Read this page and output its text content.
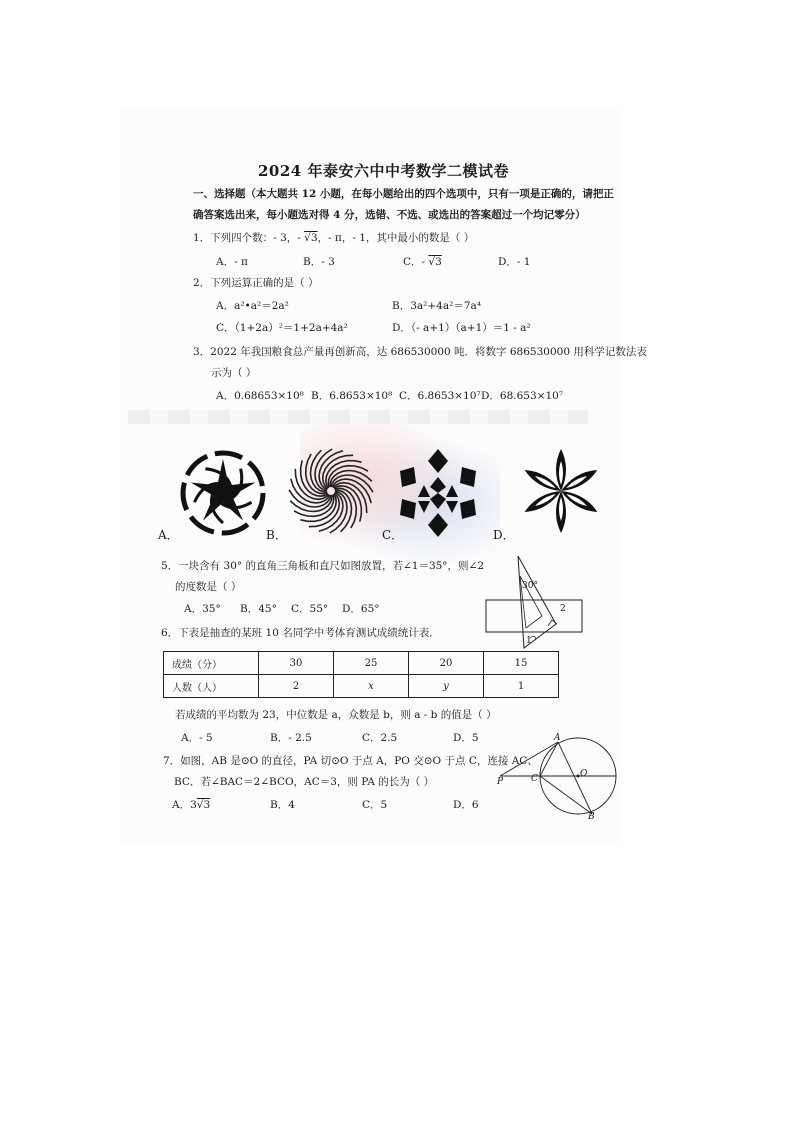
2024 年泰安六中中考数学二模试卷
一、选择题（本大题共 12 小题，在每小题给出的四个选项中，只有一项是正确的，请把正
确答案选出来，每小题选对得 4 分，选错、不选、或选出的答案超过一个均记零分）
1．下列四个数：- 3，- √3，- π，- 1，其中最小的数是（ ）
A．- π	B．- 3	C．- √3	D．- 1
2．下列运算正确的是（ ）
A．a²•a²＝2a²	B．3a²+4a²＝7a⁴
C．（1+2a）²＝1+2a+4a²	D．（- a+1）（a+1）＝1 - a²
3．2022 年我国粮食总产量再创新高，达 686530000 吨．将数字 686530000 用科学记数法表
示为（ ）
A．0.68653×10⁸ B．6.8653×10⁸ C．6.8653×10⁷ D．68.653×10⁷
A．	B．	C．	D．
5．一块含有 30° 的直角三角板和直尺如图放置，若∠1＝35°，则∠2
的度数是（ ）
A．35° B．45° C．55° D．65°
30°
2
1
6．下表是抽查的某班 10 名同学中考体育测试成绩统计表．
成绩（分）	30	25	20	15
人数（人）	2	x	y	1
若成绩的平均数为 23，中位数是 a，众数是 b，则 a - b 的值是（ ）
A．- 5	B．- 2.5	C．2.5	D．5
7．如图，AB 是⊙O 的直径，PA 切⊙O 于点 A，PO 交⊙O 于点 C，连接 AC、
BC．若∠BAC＝2∠BCO，AC＝3，则 PA 的长为（ ）
A．3√3	B．4	C．5	D．6
A
B
C	O
P
